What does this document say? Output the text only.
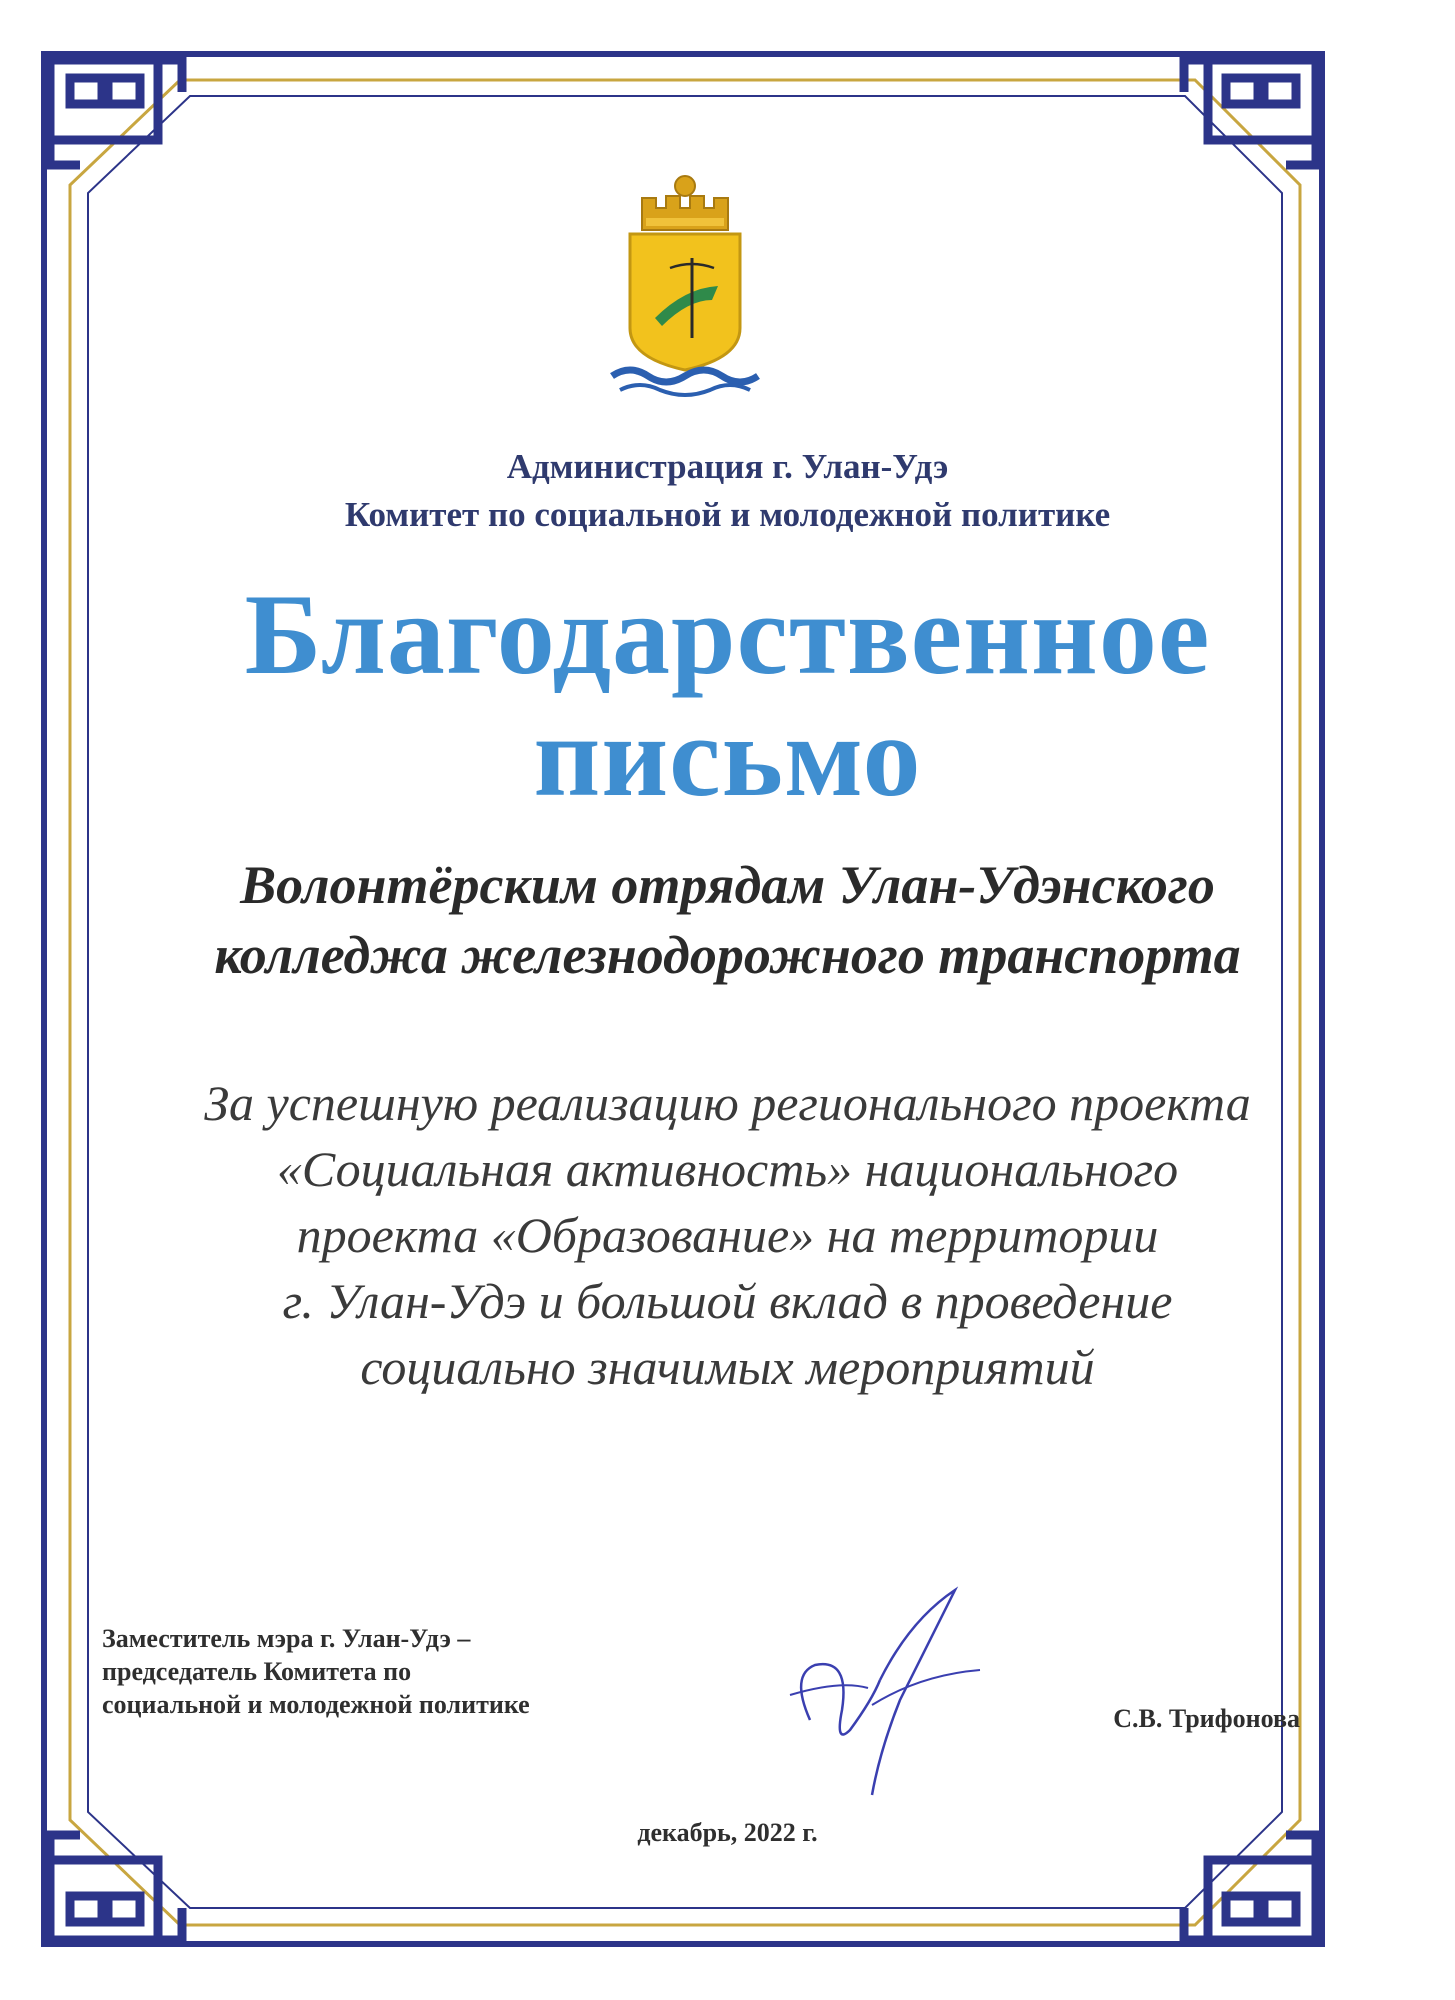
Администрация г. Улан-Удэ

Комитет по социальной и молодежной политике

Благодарственное

письмо

Волонтёрским отрядам Улан-Удэнского

колледжа железнодорожного транспорта

За успешную реализацию регионального проекта

«Социальная активность» национального

проекта «Образование» на территории

г. Улан-Удэ и большой вклад в проведение

социально значимых мероприятий

Заместитель мэра г. Улан-Удэ –
председатель Комитета по
социальной и молодежной политике	С.В. Трифонова

декабрь, 2022 г.
